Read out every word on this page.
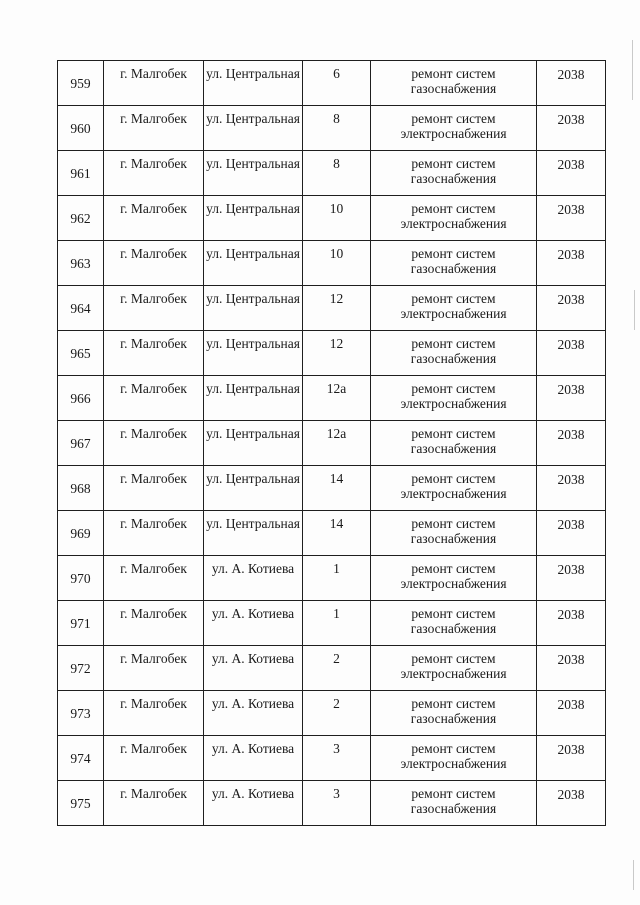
959	г. Малгобек	ул. Центральная	6	ремонт систем газоснабжения	2038
960	г. Малгобек	ул. Центральная	8	ремонт систем электроснабжения	2038
961	г. Малгобек	ул. Центральная	8	ремонт систем газоснабжения	2038
962	г. Малгобек	ул. Центральная	10	ремонт систем электроснабжения	2038
963	г. Малгобек	ул. Центральная	10	ремонт систем газоснабжения	2038
964	г. Малгобек	ул. Центральная	12	ремонт систем электроснабжения	2038
965	г. Малгобек	ул. Центральная	12	ремонт систем газоснабжения	2038
966	г. Малгобек	ул. Центральная	12а	ремонт систем электроснабжения	2038
967	г. Малгобек	ул. Центральная	12а	ремонт систем газоснабжения	2038
968	г. Малгобек	ул. Центральная	14	ремонт систем электроснабжения	2038
969	г. Малгобек	ул. Центральная	14	ремонт систем газоснабжения	2038
970	г. Малгобек	ул. А. Котиева	1	ремонт систем электроснабжения	2038
971	г. Малгобек	ул. А. Котиева	1	ремонт систем газоснабжения	2038
972	г. Малгобек	ул. А. Котиева	2	ремонт систем электроснабжения	2038
973	г. Малгобек	ул. А. Котиева	2	ремонт систем газоснабжения	2038
974	г. Малгобек	ул. А. Котиева	3	ремонт систем электроснабжения	2038
975	г. Малгобек	ул. А. Котиева	3	ремонт систем газоснабжения	2038
